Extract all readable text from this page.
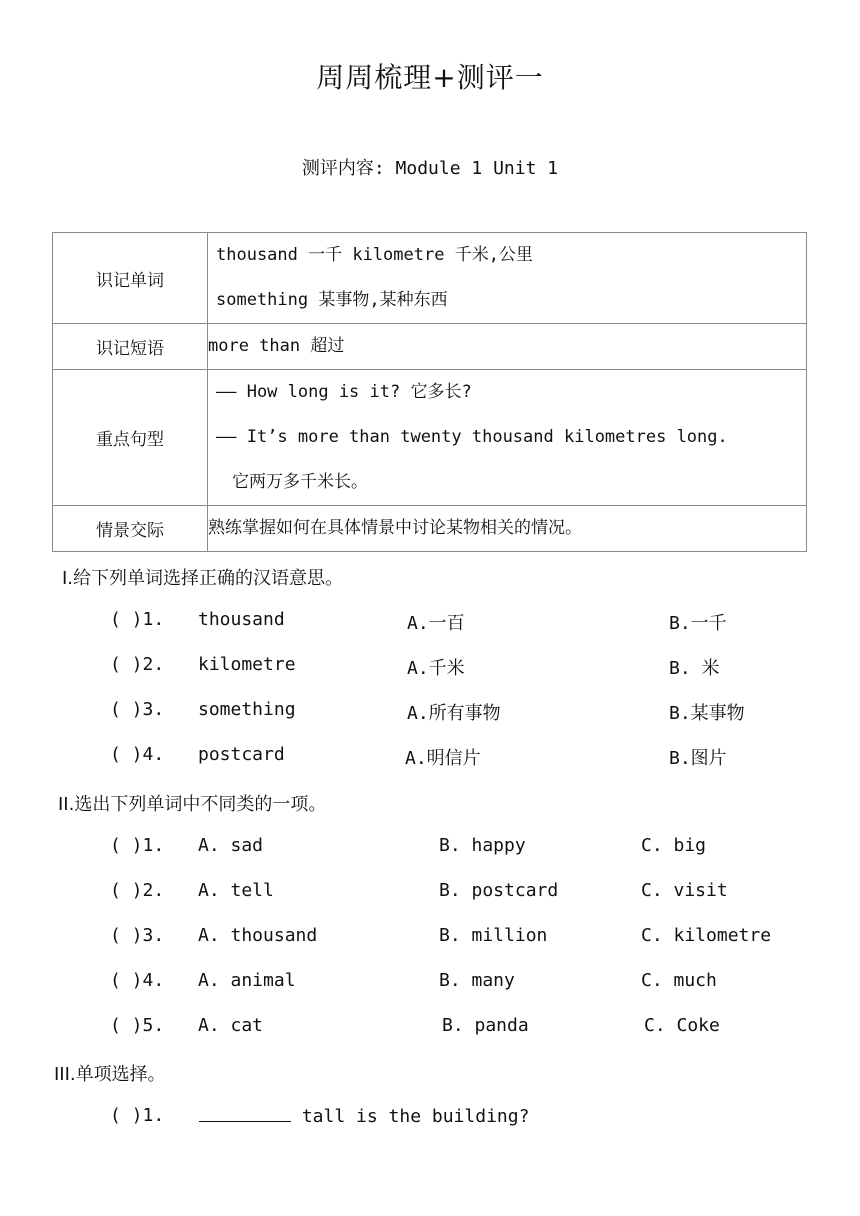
周周梳理+测评一
测评内容: Module 1 Unit 1
识记单词	thousand 一千 kilometre 千米,公里
something 某事物,某种东西

识记短语	more than 超过

重点句型	—— How long is it? 它多长?
—— It’s more than twenty thousand kilometres long.
它两万多千米长。

情景交际	熟练掌握如何在具体情景中讨论某物相关的情况。
I.给下列单词选择正确的汉语意思。
( )1. thousand	A.一百	B.一千
( )2. kilometre	A.千米	B. 米
( )3. something	A.所有事物	B.某事物
( )4. postcard	A.明信片	B.图片
II.选出下列单词中不同类的一项。
( )1. A. sad	B. happy	C. big
( )2. A. tell	B. postcard	C. visit
( )3. A. thousand	B. million	C. kilometre
( )4. A. animal	B. many	C. much
( )5. A. cat	B. panda	C. Coke
III.单项选择。
( )1.	tall is the building?
